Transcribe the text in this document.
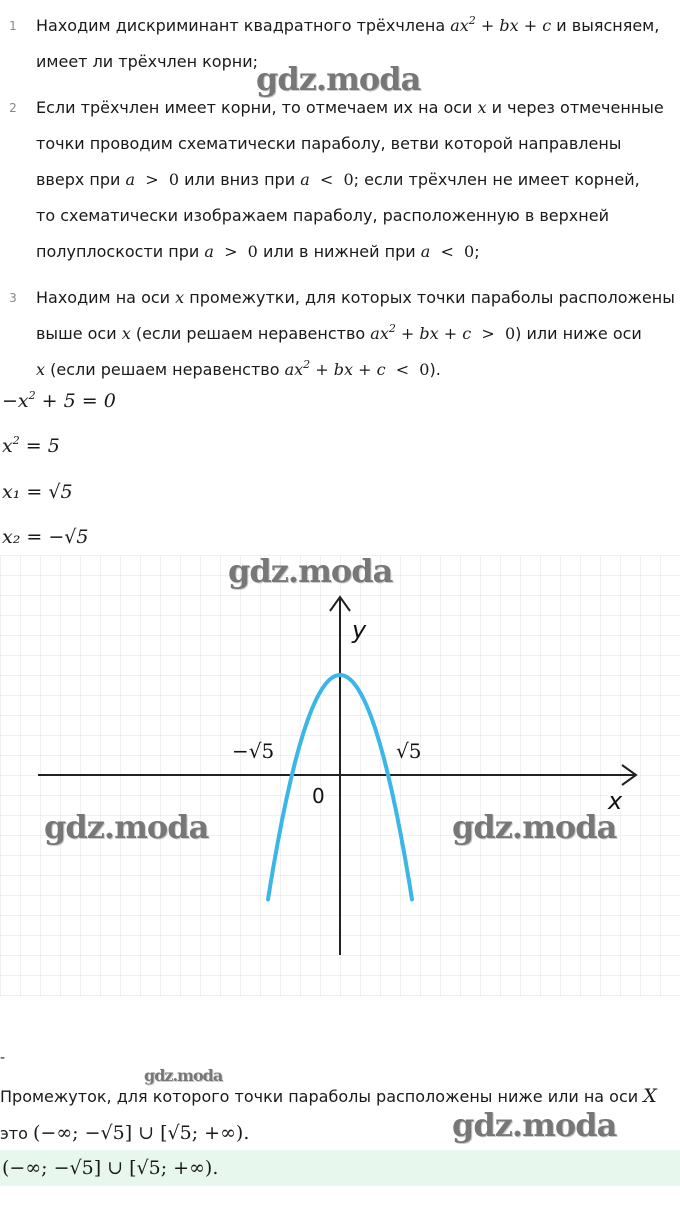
1	Находим дискриминант квадратного трёхчлена $ax^2$ + bx + c и выясняем,
имеет ли трёхчлен корни;
2	Если трёхчлен имеет корни, то отмечаем их на оси x и через отмеченные
точки проводим схематически параболу, ветви которой направлены
вверх при a > 0 или вниз при a < 0; если трёхчлен не имеет корней,
то схематически изображаем параболу, расположенную в верхней
полуплоскости при a > 0 или в нижней при a < 0;
3	Находим на оси x промежутки, для которых точки параболы расположены
выше оси x (если решаем неравенство $ax^2$ + bx + c > 0) или ниже оси
x (если решаем неравенство $ax^2$ + bx + c < 0).
$-x^2 + 5 = 0$
$x^2 = 5$
x₁ = √5
x₂ = −√5
y
x
0
−√5	√5
gdz.moda
gdz.moda
gdz.moda	gdz.moda
gdz.moda
gdz.moda
-
Промежуток, для которого точки параболы расположены ниже или на оси X
это (−∞; −√5] ∪ [√5; +∞).
(−∞; −√5] ∪ [√5; +∞).
